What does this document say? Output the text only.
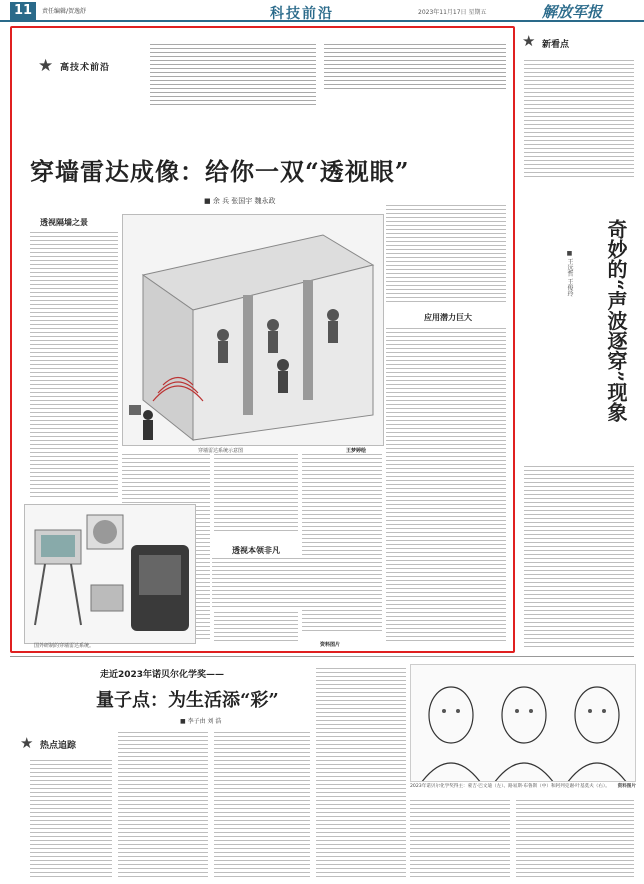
11	责任编辑/贺逸舒	科技前沿	2023年11月17日 星期五	解放军报
★ 高技术前沿
穿墙雷达成像：给你一双“透视眼”
■ 余 兵 张国宇 魏永政
透视隔墙之景
应用潜力巨大
穿墙雷达系统示意图	王梦婷绘
透视本领非凡
国外研制的穿墙雷达系统。	资料图片
★ 新看点
奇妙的“声波逐穿”现象
■ 王远哲 王俊玲
走近2023年诺贝尔化学奖——
量子点：为生活添“彩”
■ 李子由 刘 浩
★ 热点追踪
2023年诺贝尔化学奖得主：蒙吉·巴文迪（左）、路易斯·布鲁斯（中）和阿列克谢·叶基莫夫（右）。 资料图片
